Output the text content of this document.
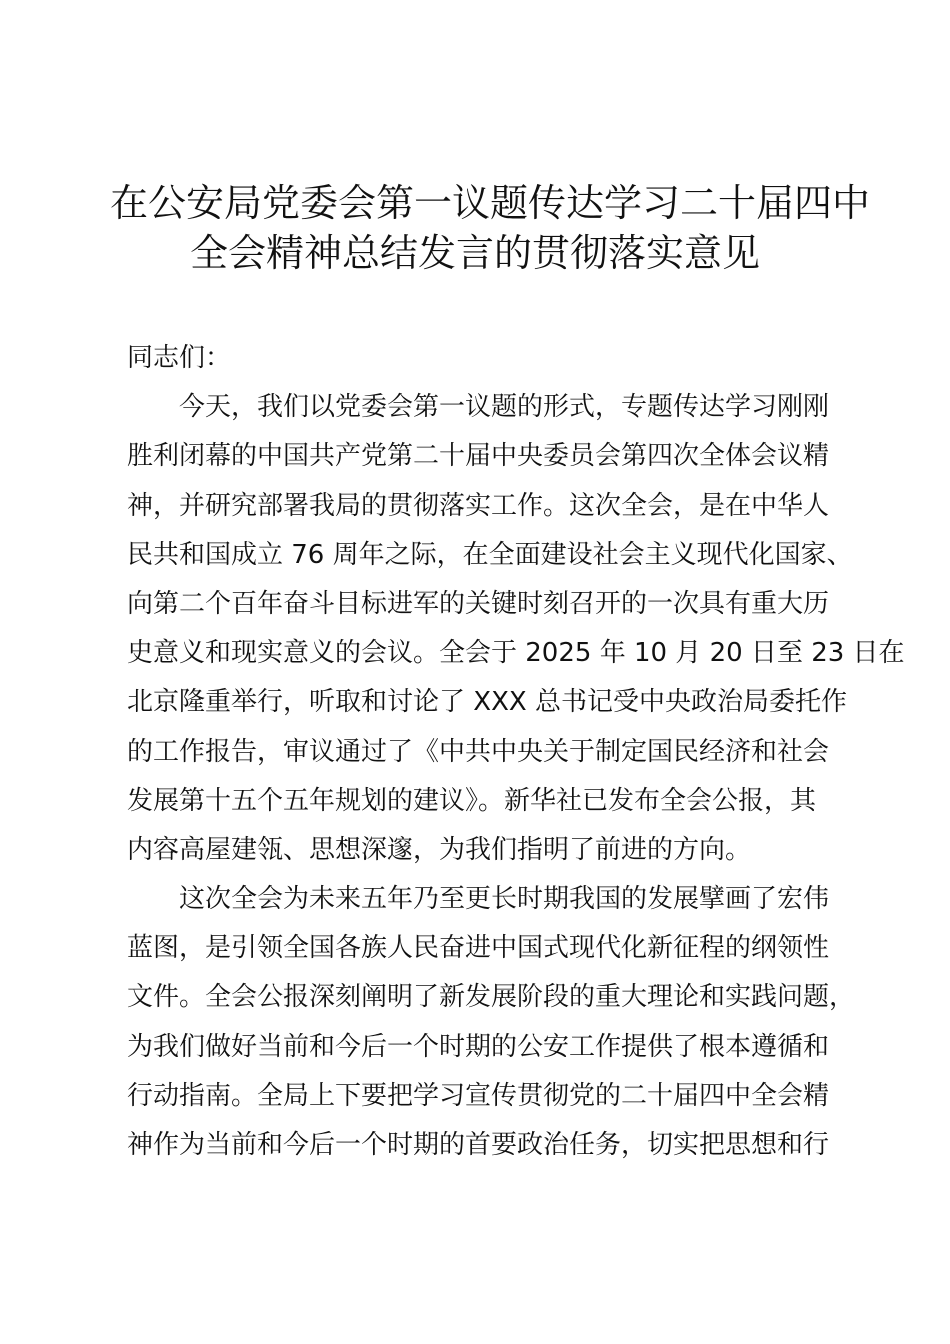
在公安局党委会第一议题传达学习二十届四中
全会精神总结发言的贯彻落实意见
同志们：
　　今天，我们以党委会第一议题的形式，专题传达学习刚刚
胜利闭幕的中国共产党第二十届中央委员会第四次全体会议精
神，并研究部署我局的贯彻落实工作。这次全会，是在中华人
民共和国成立 76 周年之际，在全面建设社会主义现代化国家、
向第二个百年奋斗目标进军的关键时刻召开的一次具有重大历
史意义和现实意义的会议。全会于 2025 年 10 月 20 日至 23 日在
北京隆重举行，听取和讨论了 XXX 总书记受中央政治局委托作
的工作报告，审议通过了《中共中央关于制定国民经济和社会
发展第十五个五年规划的建议》。新华社已发布全会公报，其
内容高屋建瓴、思想深邃，为我们指明了前进的方向。
　　这次全会为未来五年乃至更长时期我国的发展擘画了宏伟
蓝图，是引领全国各族人民奋进中国式现代化新征程的纲领性
文件。全会公报深刻阐明了新发展阶段的重大理论和实践问题，
为我们做好当前和今后一个时期的公安工作提供了根本遵循和
行动指南。全局上下要把学习宣传贯彻党的二十届四中全会精
神作为当前和今后一个时期的首要政治任务，切实把思想和行
